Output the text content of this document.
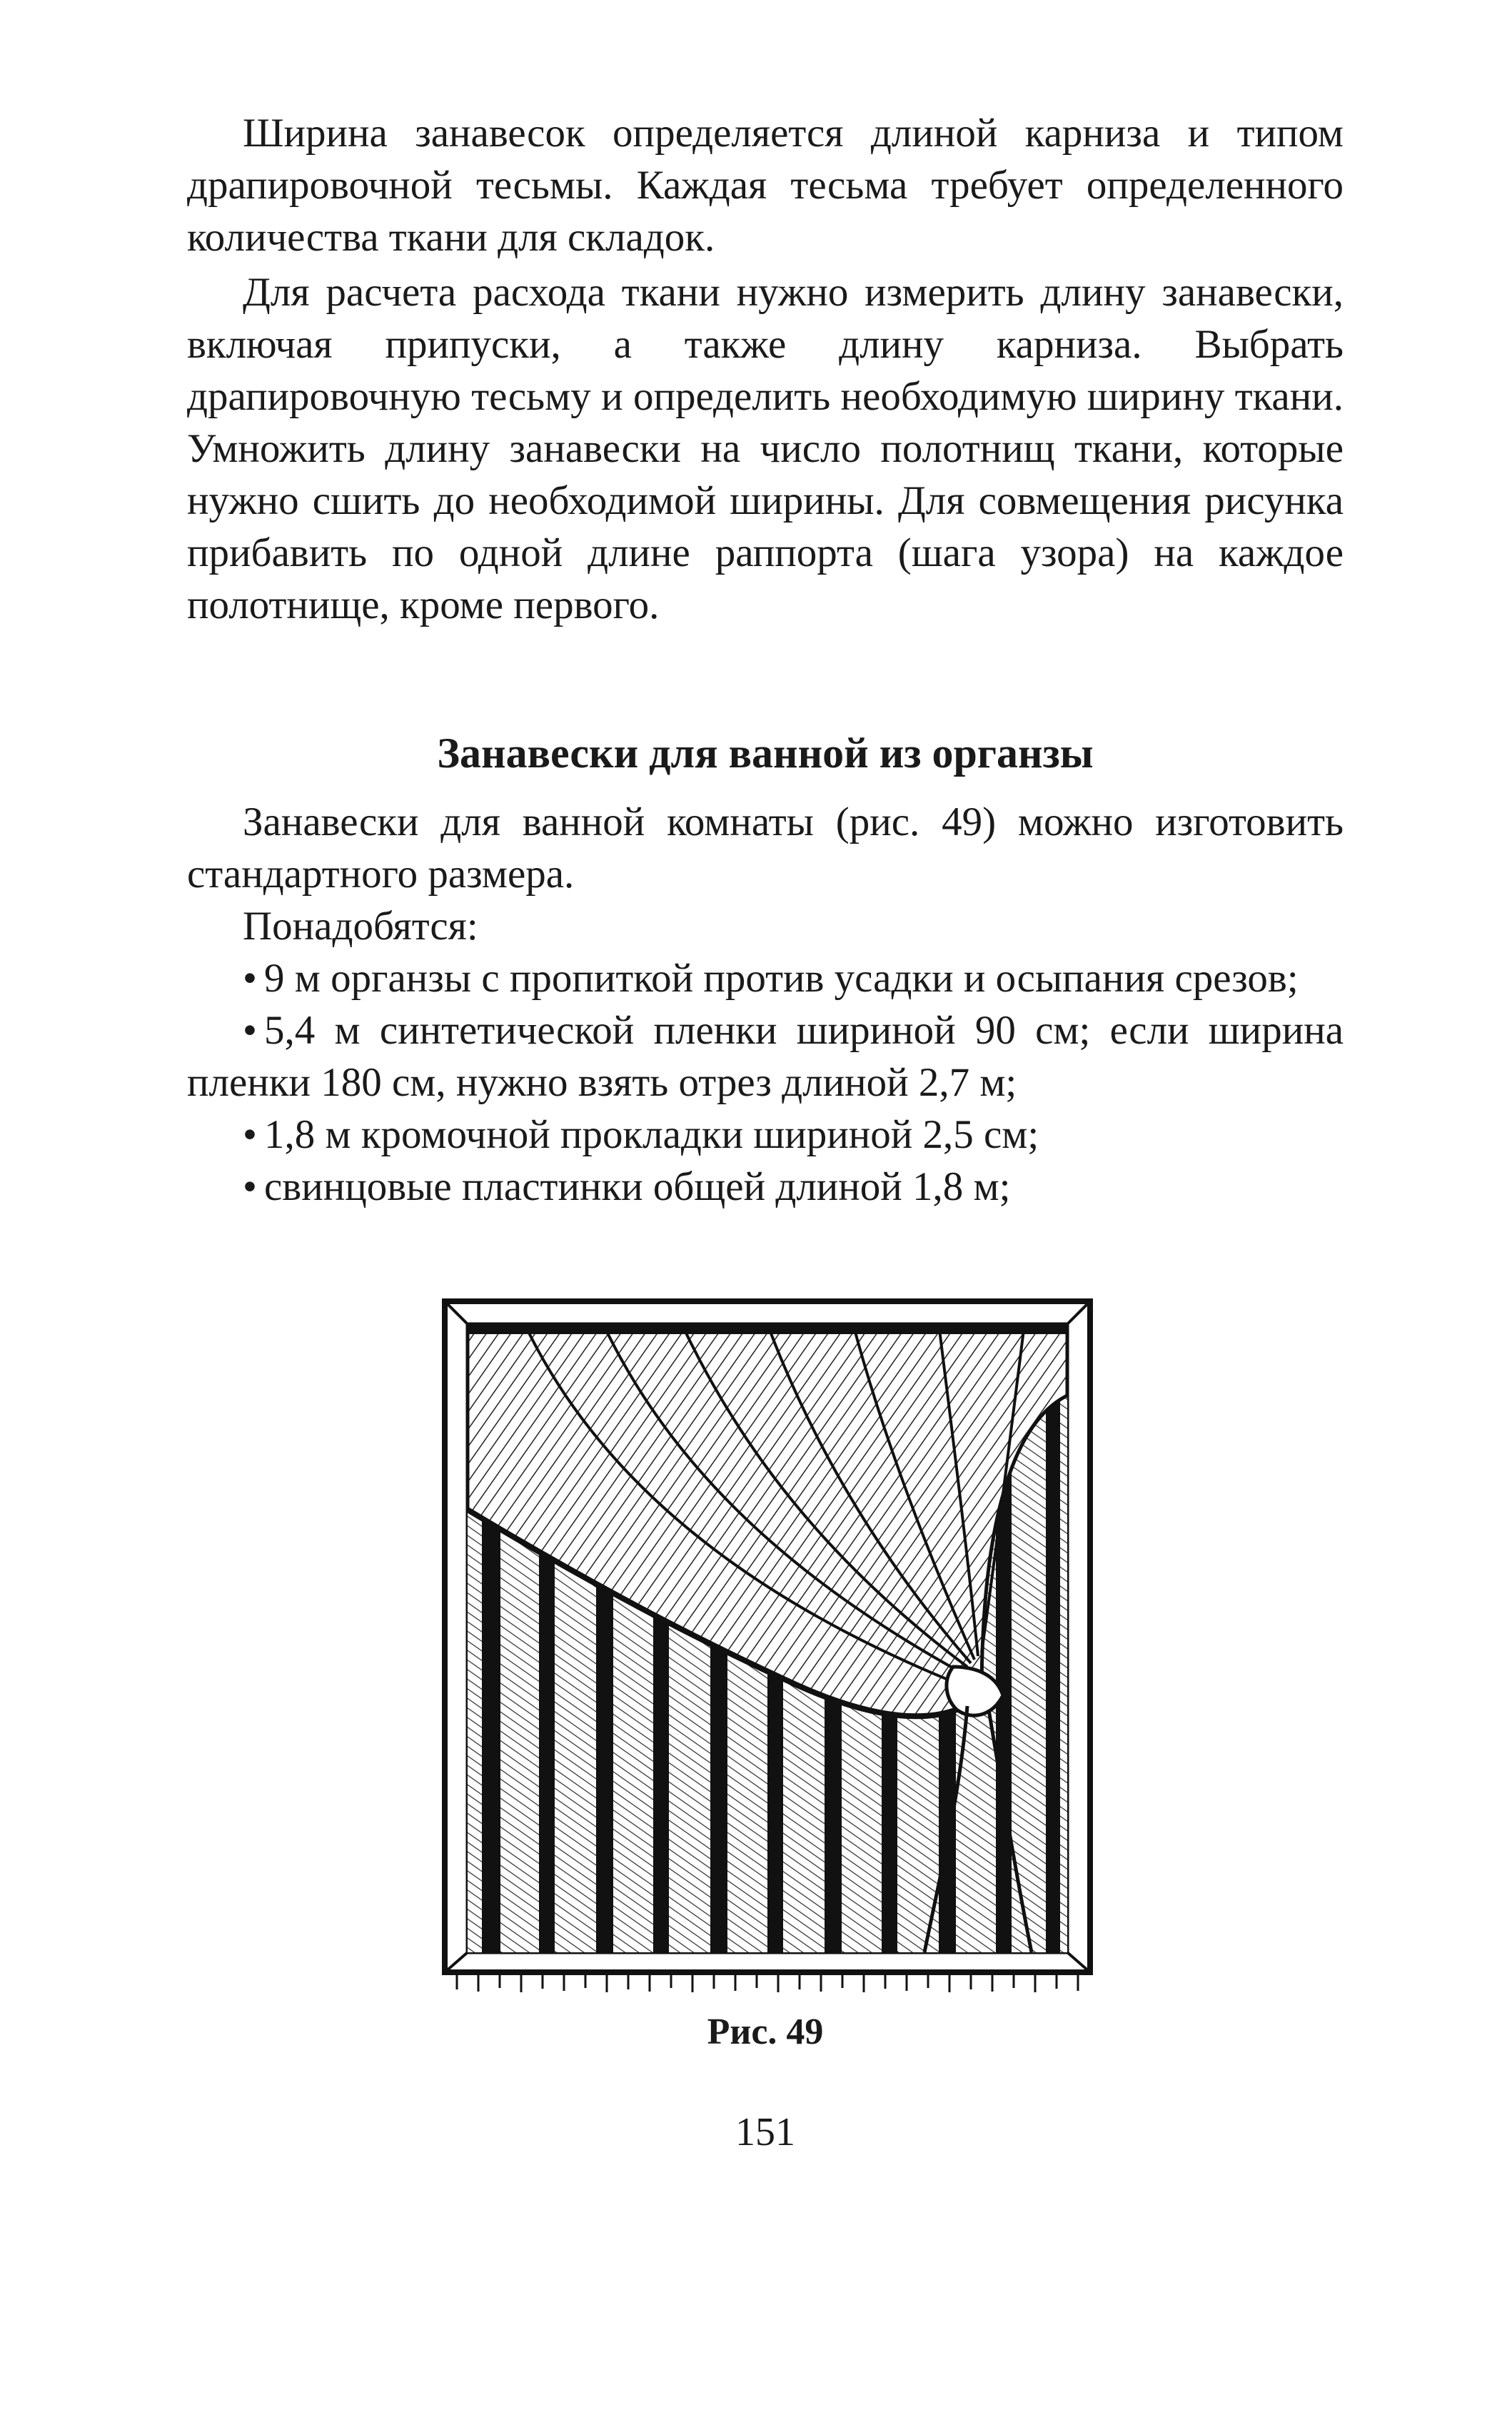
Ширина занавесок определяется длиной карниза и типом драпировочной тесьмы. Каждая тесьма требует определенного количества ткани для складок.

Для расчета расхода ткани нужно измерить длину занавески, включая припуски, а также длину карниза. Выбрать драпировочную тесьму и определить необходимую ширину ткани. Умножить длину занавески на число полотнищ ткани, которые нужно сшить до необходимой ширины. Для совмещения рисунка прибавить по одной длине раппорта (шага узора) на каждое полотнище, кроме первого.

Занавески для ванной из органзы

Занавески для ванной комнаты (рис. 49) можно изготовить стандартного размера.

Понадобятся:

• 9 м органзы с пропиткой против усадки и осыпания срезов;
• 5,4 м синтетической пленки шириной 90 см; если ширина пленки 180 см, нужно взять отрез длиной 2,7 м;
• 1,8 м кромочной прокладки шириной 2,5 см;
• свинцовые пластинки общей длиной 1,8 м;

Рис. 49

151
